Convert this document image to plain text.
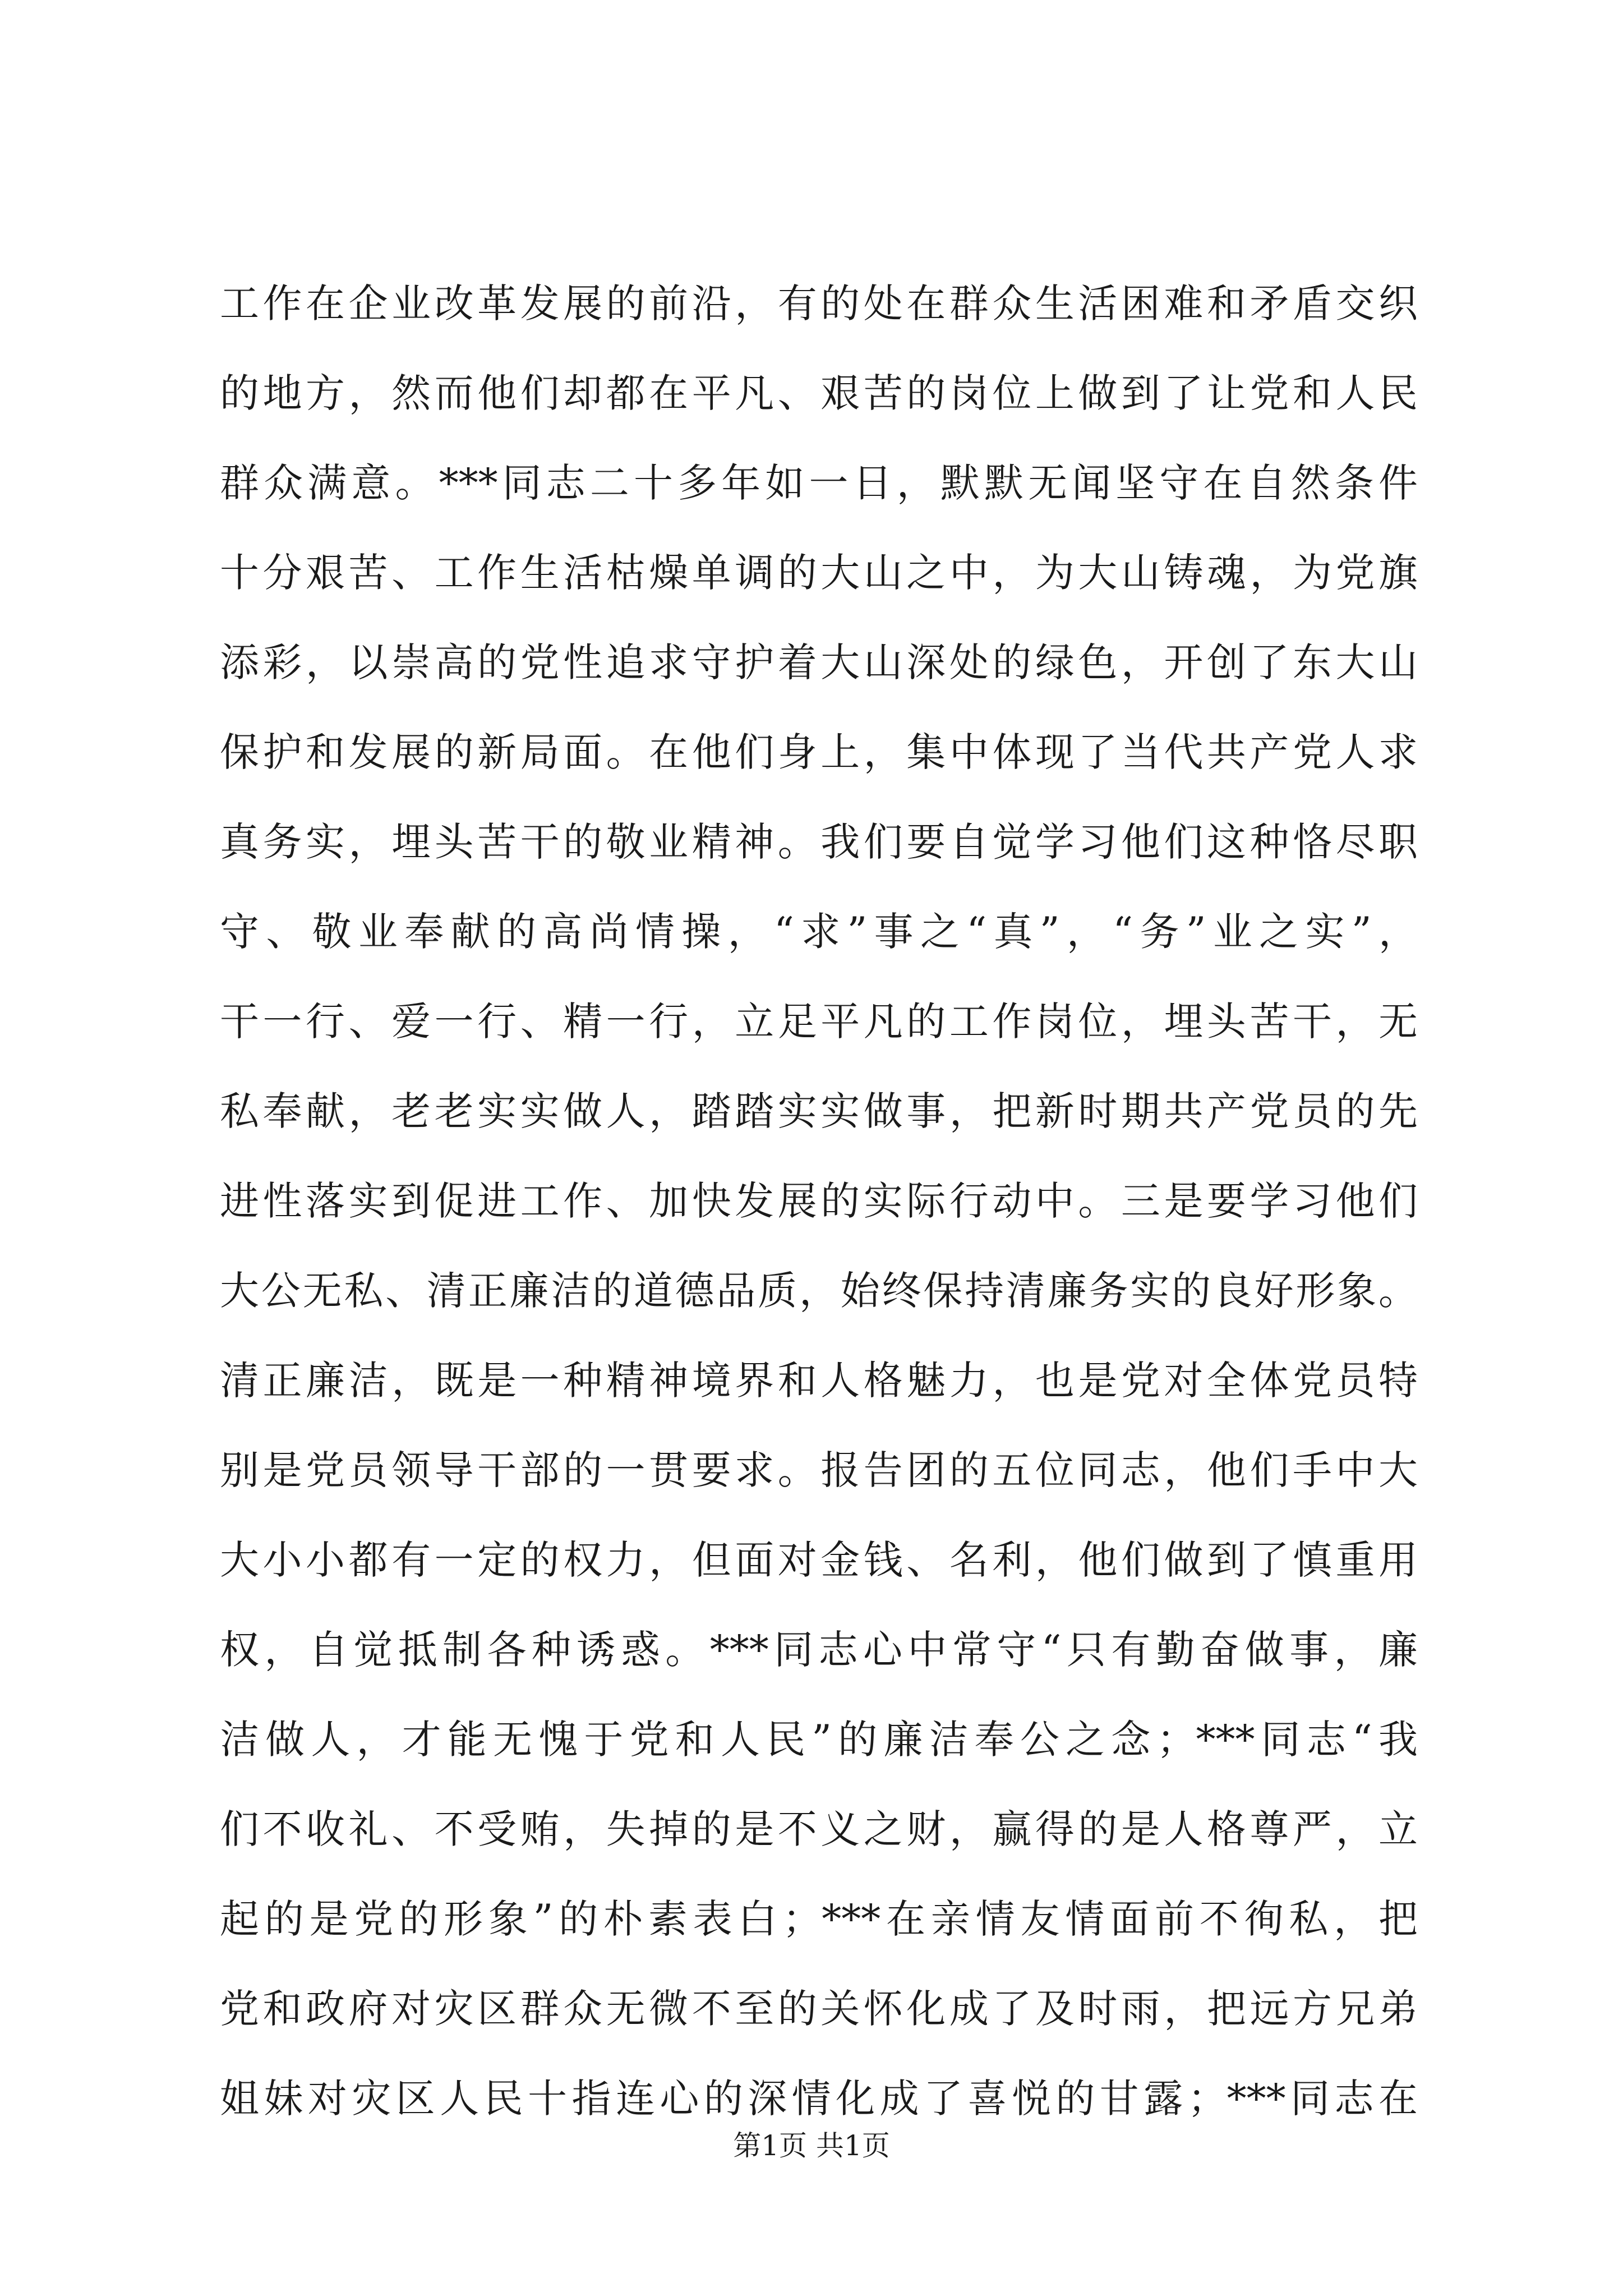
工作在企业改革发展的前沿，有的处在群众生活困难和矛盾交织
的地方，然而他们却都在平凡、艰苦的岗位上做到了让党和人民
群众满意。***同志二十多年如一日，默默无闻坚守在自然条件
十分艰苦、工作生活枯燥单调的大山之中，为大山铸魂，为党旗
添彩，以崇高的党性追求守护着大山深处的绿色，开创了东大山
保护和发展的新局面。在他们身上，集中体现了当代共产党人求
真务实，埋头苦干的敬业精神。我们要自觉学习他们这种恪尽职
守、敬业奉献的高尚情操，“求”事之“真”，“务”业之实”，
干一行、爱一行、精一行，立足平凡的工作岗位，埋头苦干，无
私奉献，老老实实做人，踏踏实实做事，把新时期共产党员的先
进性落实到促进工作、加快发展的实际行动中。三是要学习他们
大公无私、清正廉洁的道德品质，始终保持清廉务实的良好形象。
清正廉洁，既是一种精神境界和人格魅力，也是党对全体党员特
别是党员领导干部的一贯要求。报告团的五位同志，他们手中大
大小小都有一定的权力，但面对金钱、名利，他们做到了慎重用
权，自觉抵制各种诱惑。***同志心中常守“只有勤奋做事，廉
洁做人，才能无愧于党和人民”的廉洁奉公之念；***同志“我
们不收礼、不受贿，失掉的是不义之财，赢得的是人格尊严，立
起的是党的形象”的朴素表白；***在亲情友情面前不徇私，把
党和政府对灾区群众无微不至的关怀化成了及时雨，把远方兄弟
姐妹对灾区人民十指连心的深情化成了喜悦的甘露；***同志在
第1页 共1页
